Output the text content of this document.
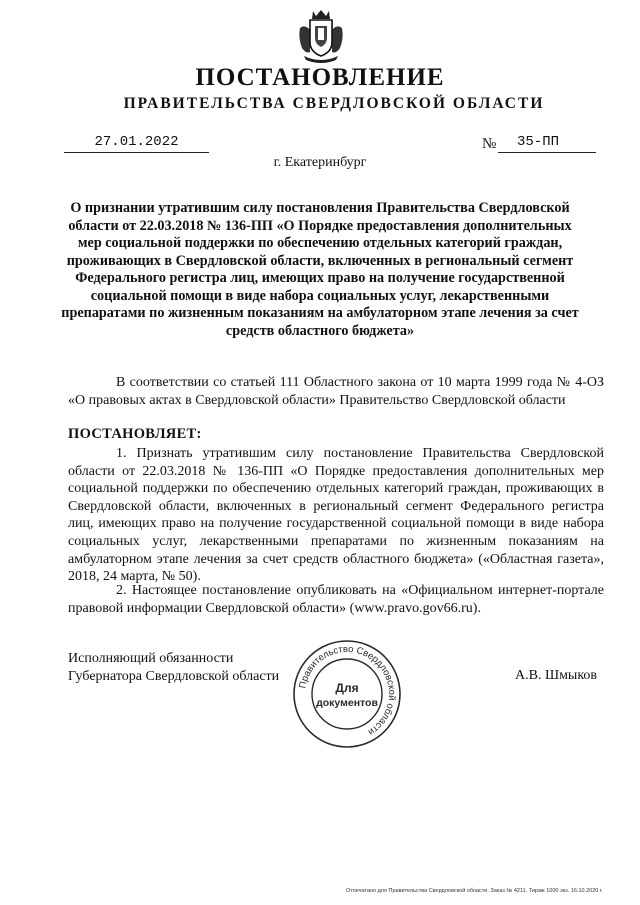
ПОСТАНОВЛЕНИЕ
ПРАВИТЕЛЬСТВА СВЕРДЛОВСКОЙ ОБЛАСТИ
27.01.2022	№	35-ПП
г. Екатеринбург
О признании утратившим силу постановления Правительства Свердловской области от 22.03.2018 № 136-ПП «О Порядке предоставления дополнительных мер социальной поддержки по обеспечению отдельных категорий граждан, проживающих в Свердловской области, включенных в региональный сегмент Федерального регистра лиц, имеющих право на получение государственной социальной помощи в виде набора социальных услуг, лекарственными препаратами по жизненным показаниям на амбулаторном этапе лечения за счет средств областного бюджета»
В соответствии со статьей 111 Областного закона от 10 марта 1999 года № 4-ОЗ «О правовых актах в Свердловской области» Правительство Свердловской области
ПОСТАНОВЛЯЕТ:
1. Признать утратившим силу постановление Правительства Свердловской области от 22.03.2018 № 136-ПП «О Порядке предоставления дополнительных мер социальной поддержки по обеспечению отдельных категорий граждан, проживающих в Свердловской области, включенных в региональный сегмент Федерального регистра лиц, имеющих право на получение государственной социальной помощи в виде набора социальных услуг, лекарственными препаратами по жизненным показаниям на амбулаторном этапе лечения за счет средств областного бюджета» («Областная газета», 2018, 24 марта, № 50).
2. Настоящее постановление опубликовать на «Официальном интернет-портале правовой информации Свердловской области» (www.pravo.gov66.ru).
Исполняющий обязанности
Губернатора Свердловской области
Правительство Свердловской области
Для
документов
А.В. Шмыков
Отпечатано для Правительства Свердловской области. Заказ № 4211. Тираж 1000 экз. 16.10.2020 г.
